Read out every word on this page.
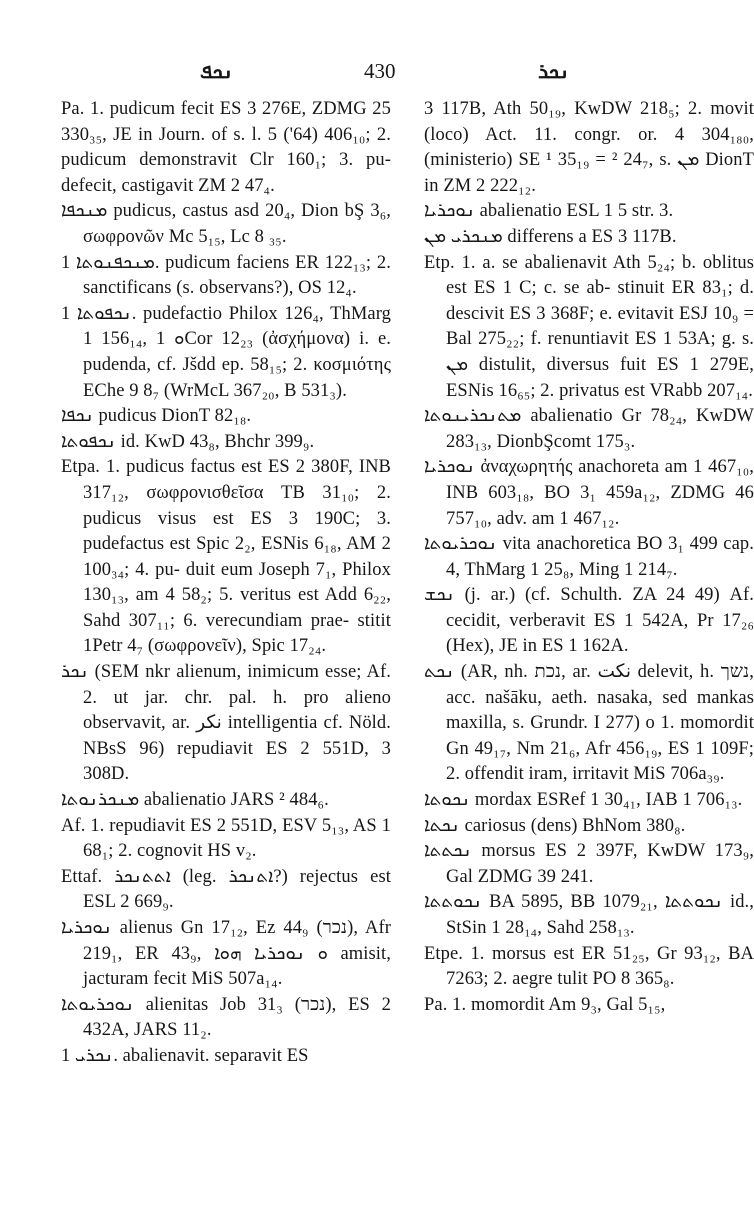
ܢܟܦ	430	ܢܟܪ

Pa. 1. pudicum fecit ES 3 276E, ZDMG 25 330₃₅, JE in Journ. of s. l. 5 ('64) 406₁₀; 2. pudicum demonstravit Clr 160₁; 3. pu- defecit, castigavit ZM 2 47₄.

ܡܢܟܦܐ pudicus, castus asd 20₄, Dion bŞ 3₆, σωφρονῶν Mc 5₁₅, Lc 8 ₃₅.

ܡܢܟܦܢܘܬܐ 1. pudicum faciens ER 122₁₃; 2. sanctificans (s. observans?), OS 12₄.

ܢܟܦܘܬܐ 1. pudefactio Philox 126₄, ThMarg 1 156₁₄, ܘ 1Cor 12₂₃ (ἀσχήμονα) i. e. pudenda, cf. Jšdd ep. 58₁₅; 2. κοσμιότης EChe 9 8₇ (WrMcL 367₂₀, B 531₃).

ܢܟܦܐ pudicus DionT 82₁₈.

ܢܟܦܘܬܐ id. KwD 43₈, Bhchr 399₉.

Etpa. 1. pudicus factus est ES 2 380F, INB 317₁₂, σωφρονισθεῖσα TB 31₁₀; 2. pudicus visus est ES 3 190C; 3. pudefactus est Spic 2₂, ESNis 6₁₈, AM 2 100₃₄; 4. pu- duit eum Joseph 7₁, Philox 130₁₃, am 4 58₂; 5. veritus est Add 6₂₂, Sahd 307₁₁; 6. verecundiam prae- stitit 1Petr 4₇ (σωφρονεῖν), Spic 17₂₄.

ܢܟܪ (SEM nkr alienum, inimicum esse; Af. 2. ut jar. chr. pal. h. pro alieno observavit, ar. نكر intelligentia cf. Nöld. NBsS 96) repudiavit ES 2 551D, 3 308D.

ܡܢܟܪܢܘܬܐ abalienatio JARS ² 484₆.

Af. 1. repudiavit ES 2 551D, ESV 5₁₃, AS 1 68₁; 2. cognovit HS v₂.

Ettaf. ܐܬܬܢܟܪ (leg. ܐܬܢܟܪ?) rejectus est ESL 2 669₉.

ܢܘܟܪܝܐ alienus Gn 17₁₂, Ez 44₉ (נכר), Afr 219₁, ER 43₉, ܘ ܢܘܟܪܝܐ ܗܘܐ amisit, jacturam fecit MiS 507a₁₄.

ܢܘܟܪܝܘܬܐ alienitas Job 31₃ (נכר), ES 2 432A, JARS 11₂.

ܢܟܪܝ 1. abalienavit. separavit ES

3 117B, Ath 50₁₉, KwDW 218₅; 2. movit (loco) Act. 11. congr. or. 4 304₁₈₀, (ministerio) SE ¹ 35₁₉ = ² 24₇, s. ܡܢ DionT in ZM 2 222₁₂.

ܢܘܟܪܝܐ abalienatio ESL 1 5 str. 3.

ܡܢܟܪܝ ܡܢ differens a ES 3 117B.

Etp. 1. a. se abalienavit Ath 5₂₄; b. oblitus est ES 1 C; c. se ab- stinuit ER 83₁; d. descivit ES 3 368F; e. evitavit ESJ 10₉ = Bal 275₂₂; f. renuntiavit ES 1 53A; g. s. ܡܢ distulit, diversus fuit ES 1 279E, ESNis 16₆₅; 2. privatus est VRabb 207₁₄.

ܡܬܢܟܪܝܢܘܬܐ abalienatio Gr 78₂₄, KwDW 283₁₃, DionbŞcomt 175₃.

ܢܘܟܪܝܐ ἀναχωρητής anachoreta am 1 467₁₀, INB 603₁₈, BO 3₁ 459a₁₂, ZDMG 46 757₁₀, adv. am 1 467₁₂.

ܢܘܟܪܝܘܬܐ vita anachoretica BO 3₁ 499 cap. 4, ThMarg 1 25₈, Ming 1 214₇.

ܢܟܫ (j. ar.) (cf. Schulth. ZA 24 49) Af. cecidit, verberavit ES 1 542A, Pr 17₂₆ (Hex), JE in ES 1 162A.

ܢܟܬ (AR, nh. נכת, ar. نكت delevit, h. נשך, acc. našāku, aeth. nasaka, sed mankas maxilla, s. Grundr. I 277) o 1. momordit Gn 49₁₇, Nm 21₆, Afr 456₁₉, ES 1 109F; 2. offendit iram, irritavit MiS 706a₃₉.

ܢܟܘܬܐ mordax ESRef 1 30₄₁, IAB 1 706₁₃.

ܢܟܬܐ cariosus (dens) BhNom 380₈.

ܢܟܬܬܐ morsus ES 2 397F, KwDW 173₉, Gal ZDMG 39 241.

ܢܟܘܬܬܐ BA 5895, BB 1079₂₁, ܢܟܘܬܬܐ id., StSin 1 28₁₄, Sahd 258₁₃.

Etpe. 1. morsus est ER 51₂₅, Gr 93₁₂, BA 7263; 2. aegre tulit PO 8 365₈.

Pa. 1. momordit Am 9₃, Gal 5₁₅,
